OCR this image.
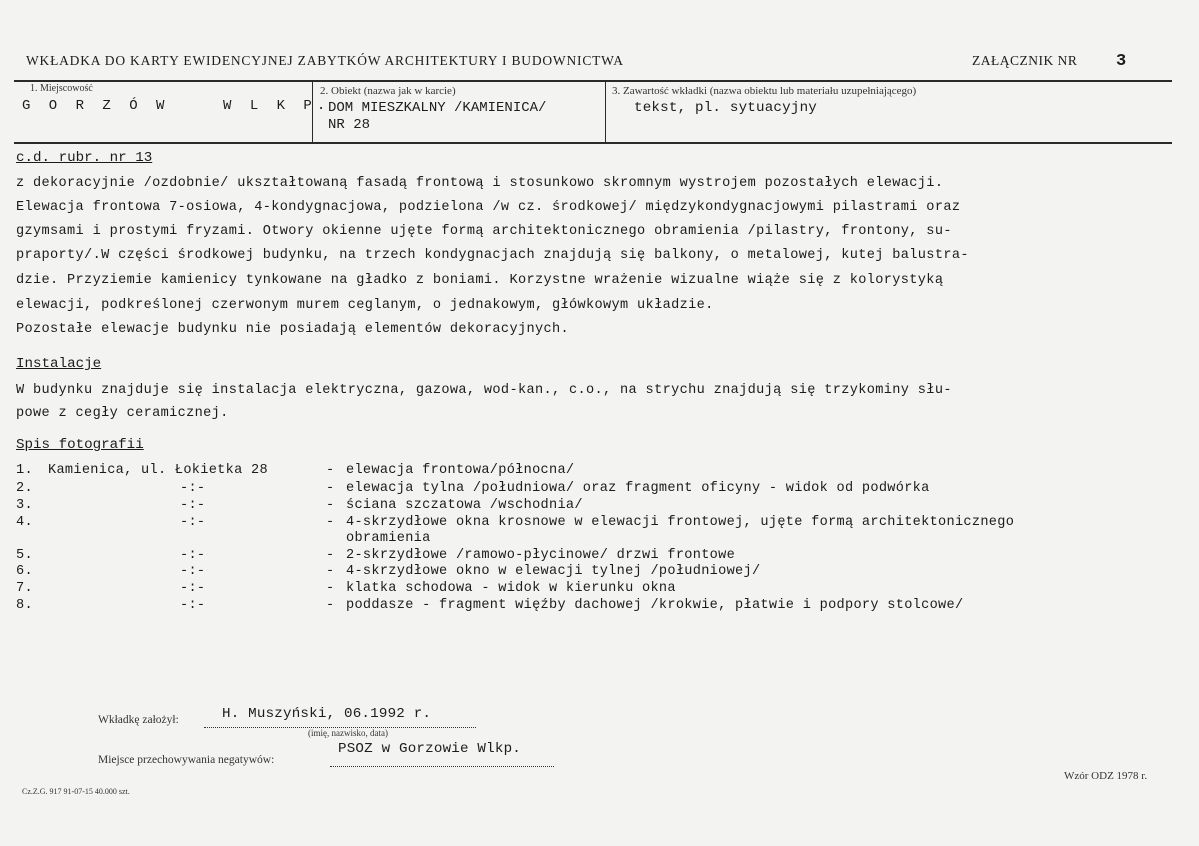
WKŁADKA DO KARTY EWIDENCYJNEJ ZABYTKÓW ARCHITEKTURY I BUDOWNICTWA	ZAŁĄCZNIK NR 3
1. Miejscowość
G O R Z Ó W    W L K P.
2. Obiekt (nazwa jak w karcie)
DOM MIESZKALNY /KAMIENICA/
NR 28
3. Zawartość wkładki (nazwa obiektu lub materiału uzupełniającego)
tekst, pl. sytuacyjny
c.d. rubr. nr 13
z dekoracyjnie /ozdobnie/ ukształtowaną fasadą frontową i stosunkowo skromnym wystrojem pozostałych elewacji.
Elewacja frontowa 7-osiowa, 4-kondygnacjowa, podzielona /w cz. środkowej/ międzykondygnacjowymi pilastrami oraz
gzymsami i prostymi fryzami. Otwory okienne ujęte formą architektonicznego obramienia /pilastry, frontony, su-
praporty/.W części środkowej budynku, na trzech kondygnacjach znajdują się balkony, o metalowej, kutej balustra-
dzie. Przyziemie kamienicy tynkowane na gładko z boniami. Korzystne wrażenie wizualne wiąże się z kolorystyką
elewacji, podkreślonej czerwonym murem ceglanym, o jednakowym, główkowym układzie.
Pozostałe elewacje budynku nie posiadają elementów dekoracyjnych.
Instalacje
W budynku znajduje się instalacja elektryczna, gazowa, wod-kan., c.o., na strychu znajdują się trzykominy słu-
powe z cegły ceramicznej.
Spis fotografii
1. Kamienica, ul. Łokietka 28	- elewacja frontowa/północna/
2.	-:-	- elewacja tylna /południowa/ oraz fragment oficyny - widok od podwórka
3.	-:-	- ściana szczatowa /wschodnia/
4.	-:-	- 4-skrzydłowe okna krosnowe w elewacji frontowej, ujęte formą architektonicznego
obramienia
5.	-:-	- 2-skrzydłowe /ramowo-płycinowe/ drzwi frontowe
6.	-:-	- 4-skrzydłowe okno w elewacji tylnej /południowej/
7.	-:-	- klatka schodowa - widok w kierunku okna
8.	-:-	- poddasze - fragment więźby dachowej /krokwie, płatwie i podpory stolcowe/
Wkładkę założył:	H. Muszyński, 06.1992 r.
(imię, nazwisko, data)
Miejsce przechowywania negatywów:
PSOZ w Gorzowie Wlkp.
Wzór ODZ 1978 r.
Cz.Z.G. 917 91-07-15 40.000 szt.
